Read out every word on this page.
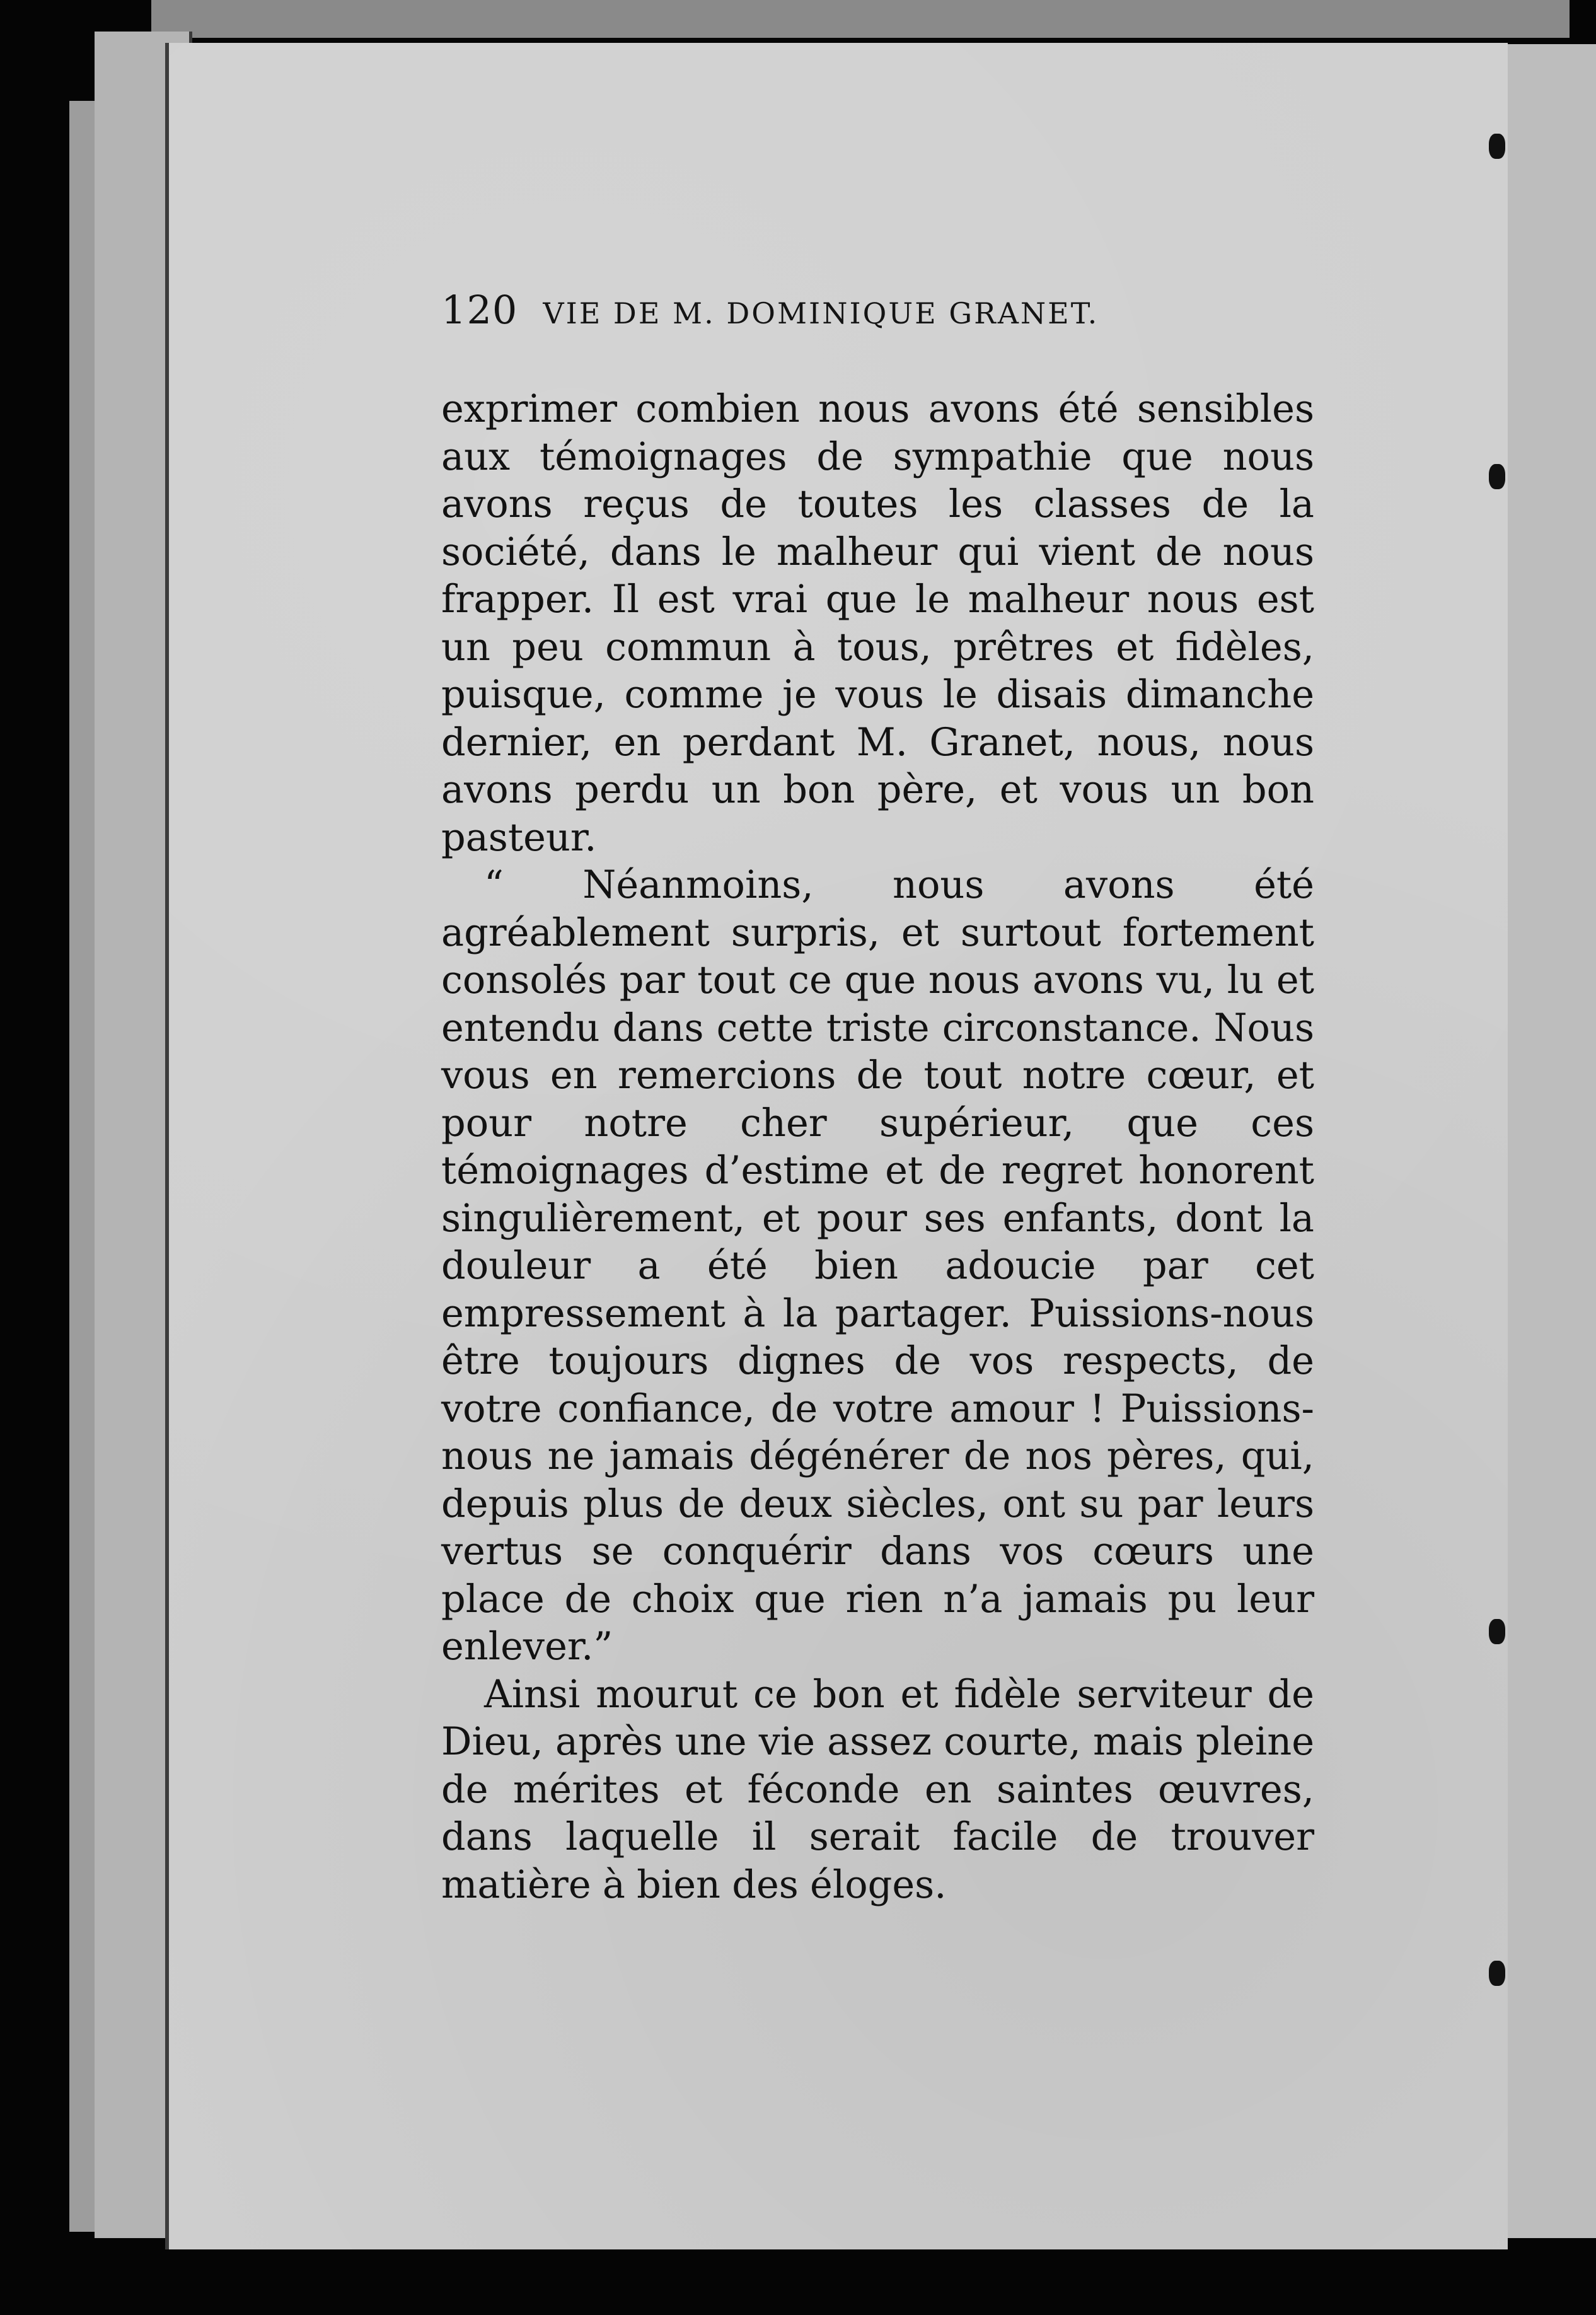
120 VIE DE M. DOMINIQUE GRANET.

exprimer combien nous avons été sensibles aux témoignages de sympathie que nous avons reçus de toutes les classes de la société, dans le malheur qui vient de nous frapper. Il est vrai que le malheur nous est un peu commun à tous, prêtres et fidèles, puisque, comme je vous le disais dimanche dernier, en perdant M. Granet, nous, nous avons perdu un bon père, et vous un bon pasteur.

“ Néanmoins, nous avons été agréablement surpris, et surtout fortement consolés par tout ce que nous avons vu, lu et entendu dans cette triste circonstance. Nous vous en remercions de tout notre cœur, et pour notre cher supérieur, que ces témoignages d’estime et de regret honorent singulièrement, et pour ses enfants, dont la douleur a été bien adoucie par cet empressement à la partager. Puissions-nous être toujours dignes de vos respects, de votre confiance, de votre amour ! Puissions-nous ne jamais dégénérer de nos pères, qui, depuis plus de deux siècles, ont su par leurs vertus se conquérir dans vos cœurs une place de choix que rien n’a jamais pu leur enlever.”

Ainsi mourut ce bon et fidèle serviteur de Dieu, après une vie assez courte, mais pleine de mérites et féconde en saintes œuvres, dans laquelle il serait facile de trouver matière à bien des éloges.
